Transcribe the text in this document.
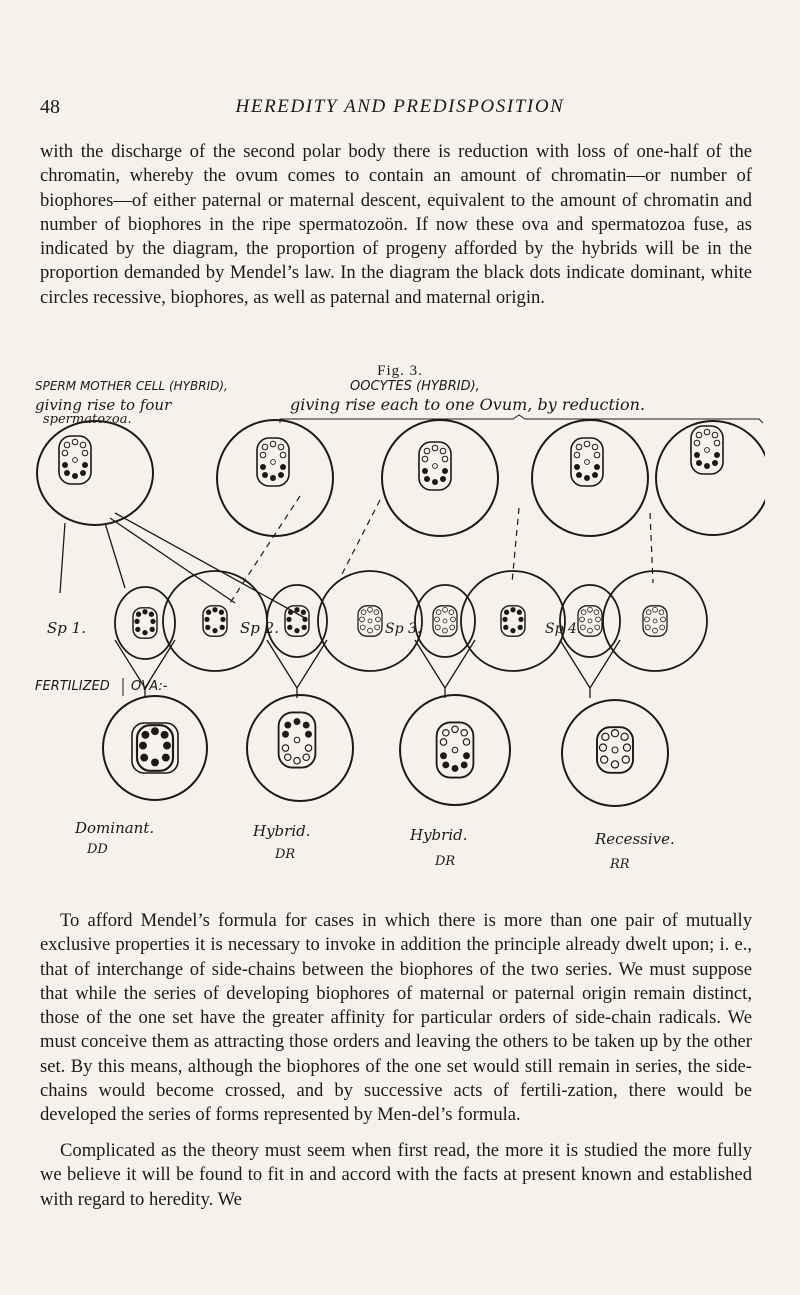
48	HEREDITY AND PREDISPOSITION

with the discharge of the second polar body there is reduction with loss of one-half of the chromatin, whereby the ovum comes to contain an amount of chromatin—or number of biophores—of either paternal or maternal descent, equivalent to the amount of chromatin and number of biophores in the ripe spermatozoön. If now these ova and spermatozoa fuse, as indicated by the diagram, the proportion of progeny afforded by the hybrids will be in the proportion demanded by Mendel’s law. In the diagram the black dots indicate dominant, white circles recessive, biophores, as well as paternal and maternal origin.

Fig. 3.
SPERM MOTHER CELL (HYBRID),
giving rise to four
spermatozoa.
OOCYTES (HYBRID),
giving rise each to one Ovum, by reduction.
Sp 1.	Sp 2.	Sp 3.	Sp 4.
FERTILIZED OVA:-
Dominant.
DD
Hybrid.
DR
Hybrid.
DR
Recessive.
RR

To afford Mendel’s formula for cases in which there is more than one pair of mutually exclusive properties it is necessary to invoke in addition the principle already dwelt upon; i. e., that of interchange of side-chains between the biophores of the two series. We must suppose that while the series of developing biophores of maternal or paternal origin remain distinct, those of the one set have the greater affinity for particular orders of side-chain radicals. We must conceive them as attracting those orders and leaving the others to be taken up by the other set. By this means, although the biophores of the one set would still remain in series, the side-chains would become crossed, and by successive acts of fertili-zation, there would be developed the series of forms represented by Men-del’s formula.

Complicated as the theory must seem when first read, the more it is studied the more fully we believe it will be found to fit in and accord with the facts at present known and established with regard to heredity. We
